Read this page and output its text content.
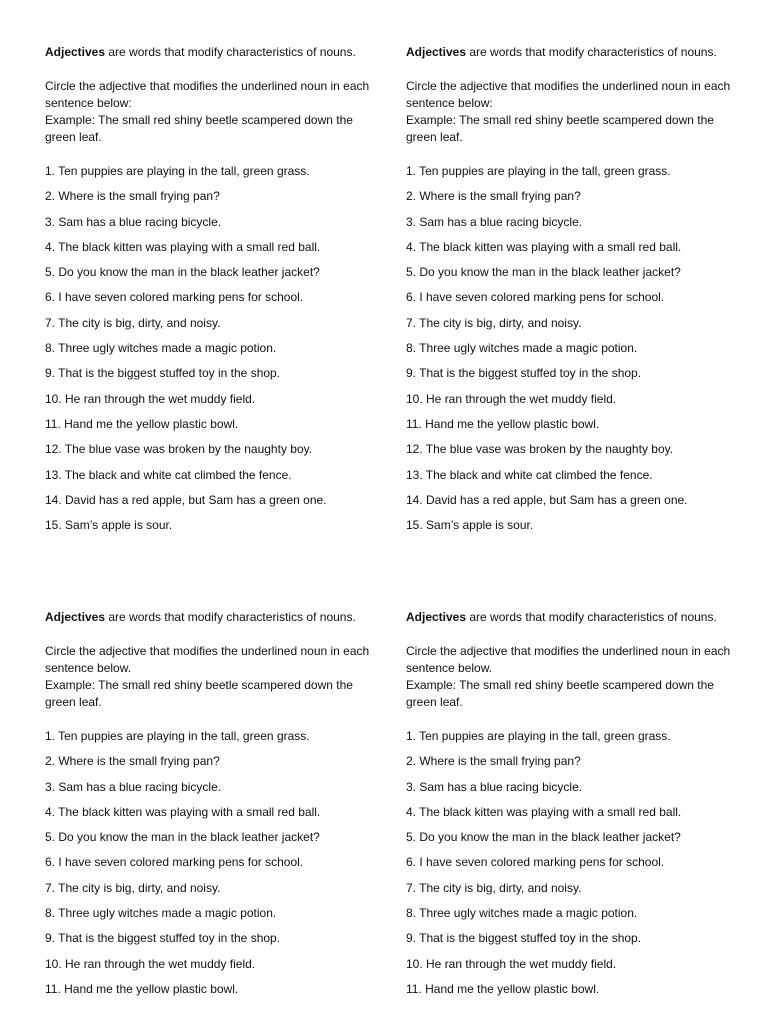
Adjectives are words that modify characteristics of nouns.

Circle the adjective that modifies the underlined noun in each sentence below:
Example: The small red shiny beetle scampered down the green leaf.

1. Ten puppies are playing in the tall, green grass.
2. Where is the small frying pan?
3. Sam has a blue racing bicycle.
4. The black kitten was playing with a small red ball.
5. Do you know the man in the black leather jacket?
6. I have seven colored marking pens for school.
7. The city is big, dirty, and noisy.
8. Three ugly witches made a magic potion.
9. That is the biggest stuffed toy in the shop.
10. He ran through the wet muddy field.
11. Hand me the yellow plastic bowl.
12. The blue vase was broken by the naughty boy.
13. The black and white cat climbed the fence.
14. David has a red apple, but Sam has a green one.
15. Sam’s apple is sour.

Adjectives are words that modify characteristics of nouns.

Circle the adjective that modifies the underlined noun in each sentence below:
Example: The small red shiny beetle scampered down the green leaf.

1. Ten puppies are playing in the tall, green grass.
2. Where is the small frying pan?
3. Sam has a blue racing bicycle.
4. The black kitten was playing with a small red ball.
5. Do you know the man in the black leather jacket?
6. I have seven colored marking pens for school.
7. The city is big, dirty, and noisy.
8. Three ugly witches made a magic potion.
9. That is the biggest stuffed toy in the shop.
10. He ran through the wet muddy field.
11. Hand me the yellow plastic bowl.
12. The blue vase was broken by the naughty boy.
13. The black and white cat climbed the fence.
14. David has a red apple, but Sam has a green one.
15. Sam’s apple is sour.

Adjectives are words that modify characteristics of nouns.

Circle the adjective that modifies the underlined noun in each sentence below.
Example: The small red shiny beetle scampered down the green leaf.

1. Ten puppies are playing in the tall, green grass.
2. Where is the small frying pan?
3. Sam has a blue racing bicycle.
4. The black kitten was playing with a small red ball.
5. Do you know the man in the black leather jacket?
6. I have seven colored marking pens for school.
7. The city is big, dirty, and noisy.
8. Three ugly witches made a magic potion.
9. That is the biggest stuffed toy in the shop.
10. He ran through the wet muddy field.
11. Hand me the yellow plastic bowl.

Adjectives are words that modify characteristics of nouns.

Circle the adjective that modifies the underlined noun in each sentence below.
Example: The small red shiny beetle scampered down the green leaf.

1. Ten puppies are playing in the tall, green grass.
2. Where is the small frying pan?
3. Sam has a blue racing bicycle.
4. The black kitten was playing with a small red ball.
5. Do you know the man in the black leather jacket?
6. I have seven colored marking pens for school.
7. The city is big, dirty, and noisy.
8. Three ugly witches made a magic potion.
9. That is the biggest stuffed toy in the shop.
10. He ran through the wet muddy field.
11. Hand me the yellow plastic bowl.
